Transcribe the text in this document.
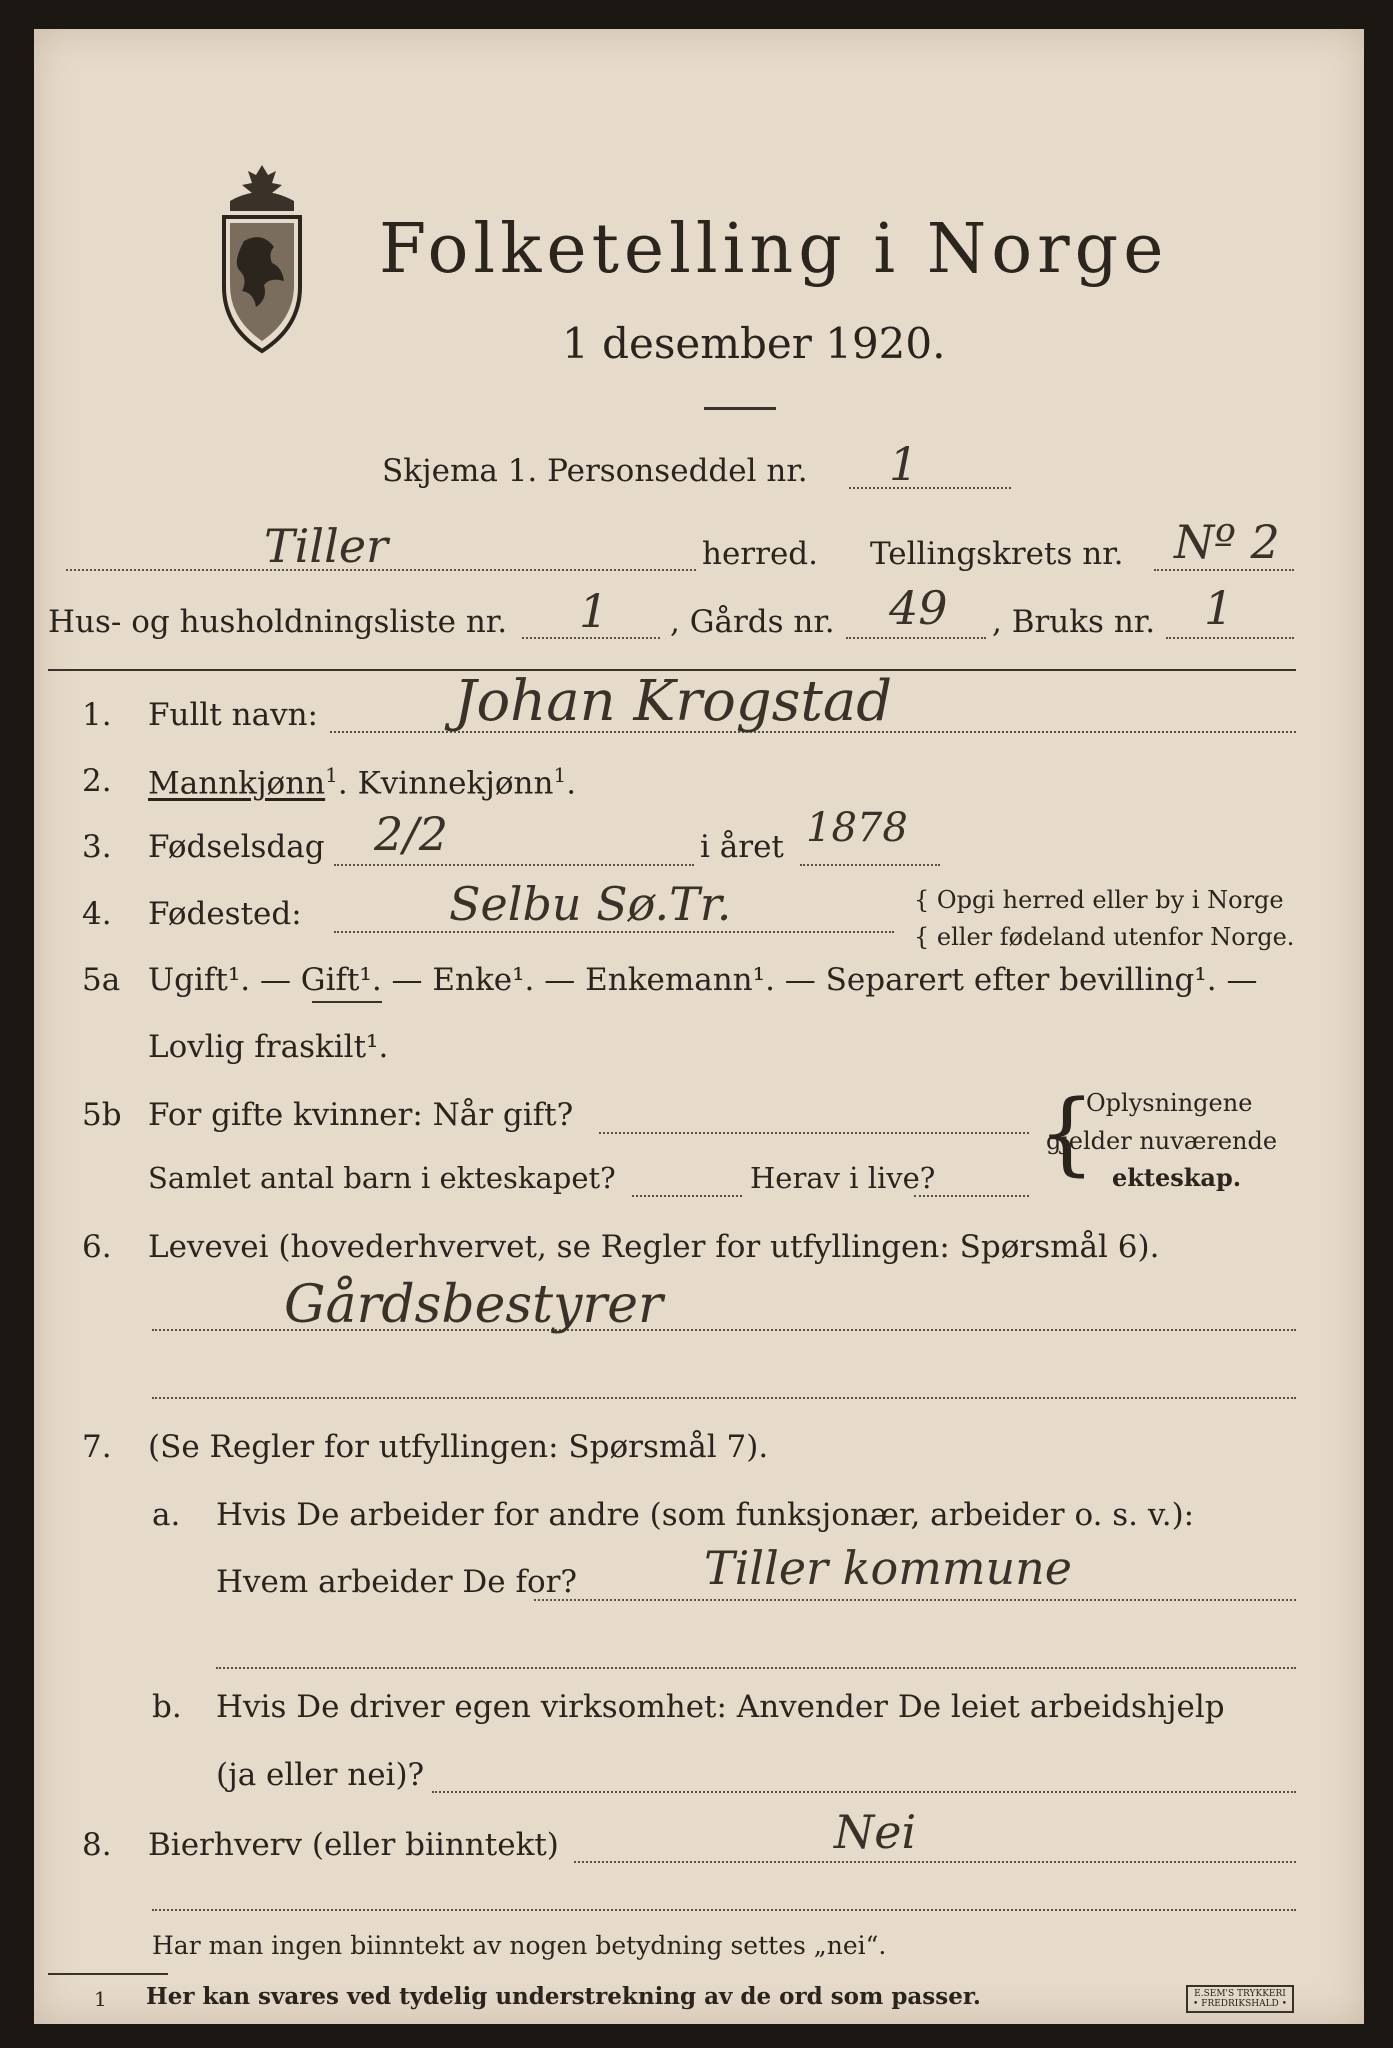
Folketelling i Norge
1 desember 1920.
Skjema 1. Personseddel nr. 1
Tiller	herred. Tellingskrets nr. Nº 2
Hus- og husholdningsliste nr. 1 , Gårds nr. 49 , Bruks nr. 1
1. Fullt navn: Johan Krogstad
2. Mannkjønn$^1$. Kvinnekjønn$^1$.
3. Fødselsdag 2/2	i året 1878
4. Fødested:	Selbu Sø.Tr.	{ Opgi herred eller by i Norge
{ eller fødeland utenfor Norge.
5a Ugift¹. — Gift¹. — Enke¹. — Enkemann¹. — Separert efter bevilling¹. —
Lovlig fraskilt¹.
5b For gifte kvinner: Når gift?
Samlet antal barn i ekteskapet?	Herav i live? {
Oplysningene
gjelder nuværende
ekteskap.
6. Levevei (hovederhvervet, se Regler for utfyllingen: Spørsmål 6).
Gårdsbestyrer
7. (Se Regler for utfyllingen: Spørsmål 7).
a. Hvis De arbeider for andre (som funksjonær, arbeider o. s. v.):
Hvem arbeider De for?	Tiller kommune
b. Hvis De driver egen virksomhet: Anvender De leiet arbeidshjelp
(ja eller nei)?
8. Bierhverv (eller biinntekt)	Nei
Har man ingen biinntekt av nogen betydning settes „nei“.
1 Her kan svares ved tydelig understrekning av de ord som passer.	E.SEM'S TRYKKERI • FREDRIKSHALD •
